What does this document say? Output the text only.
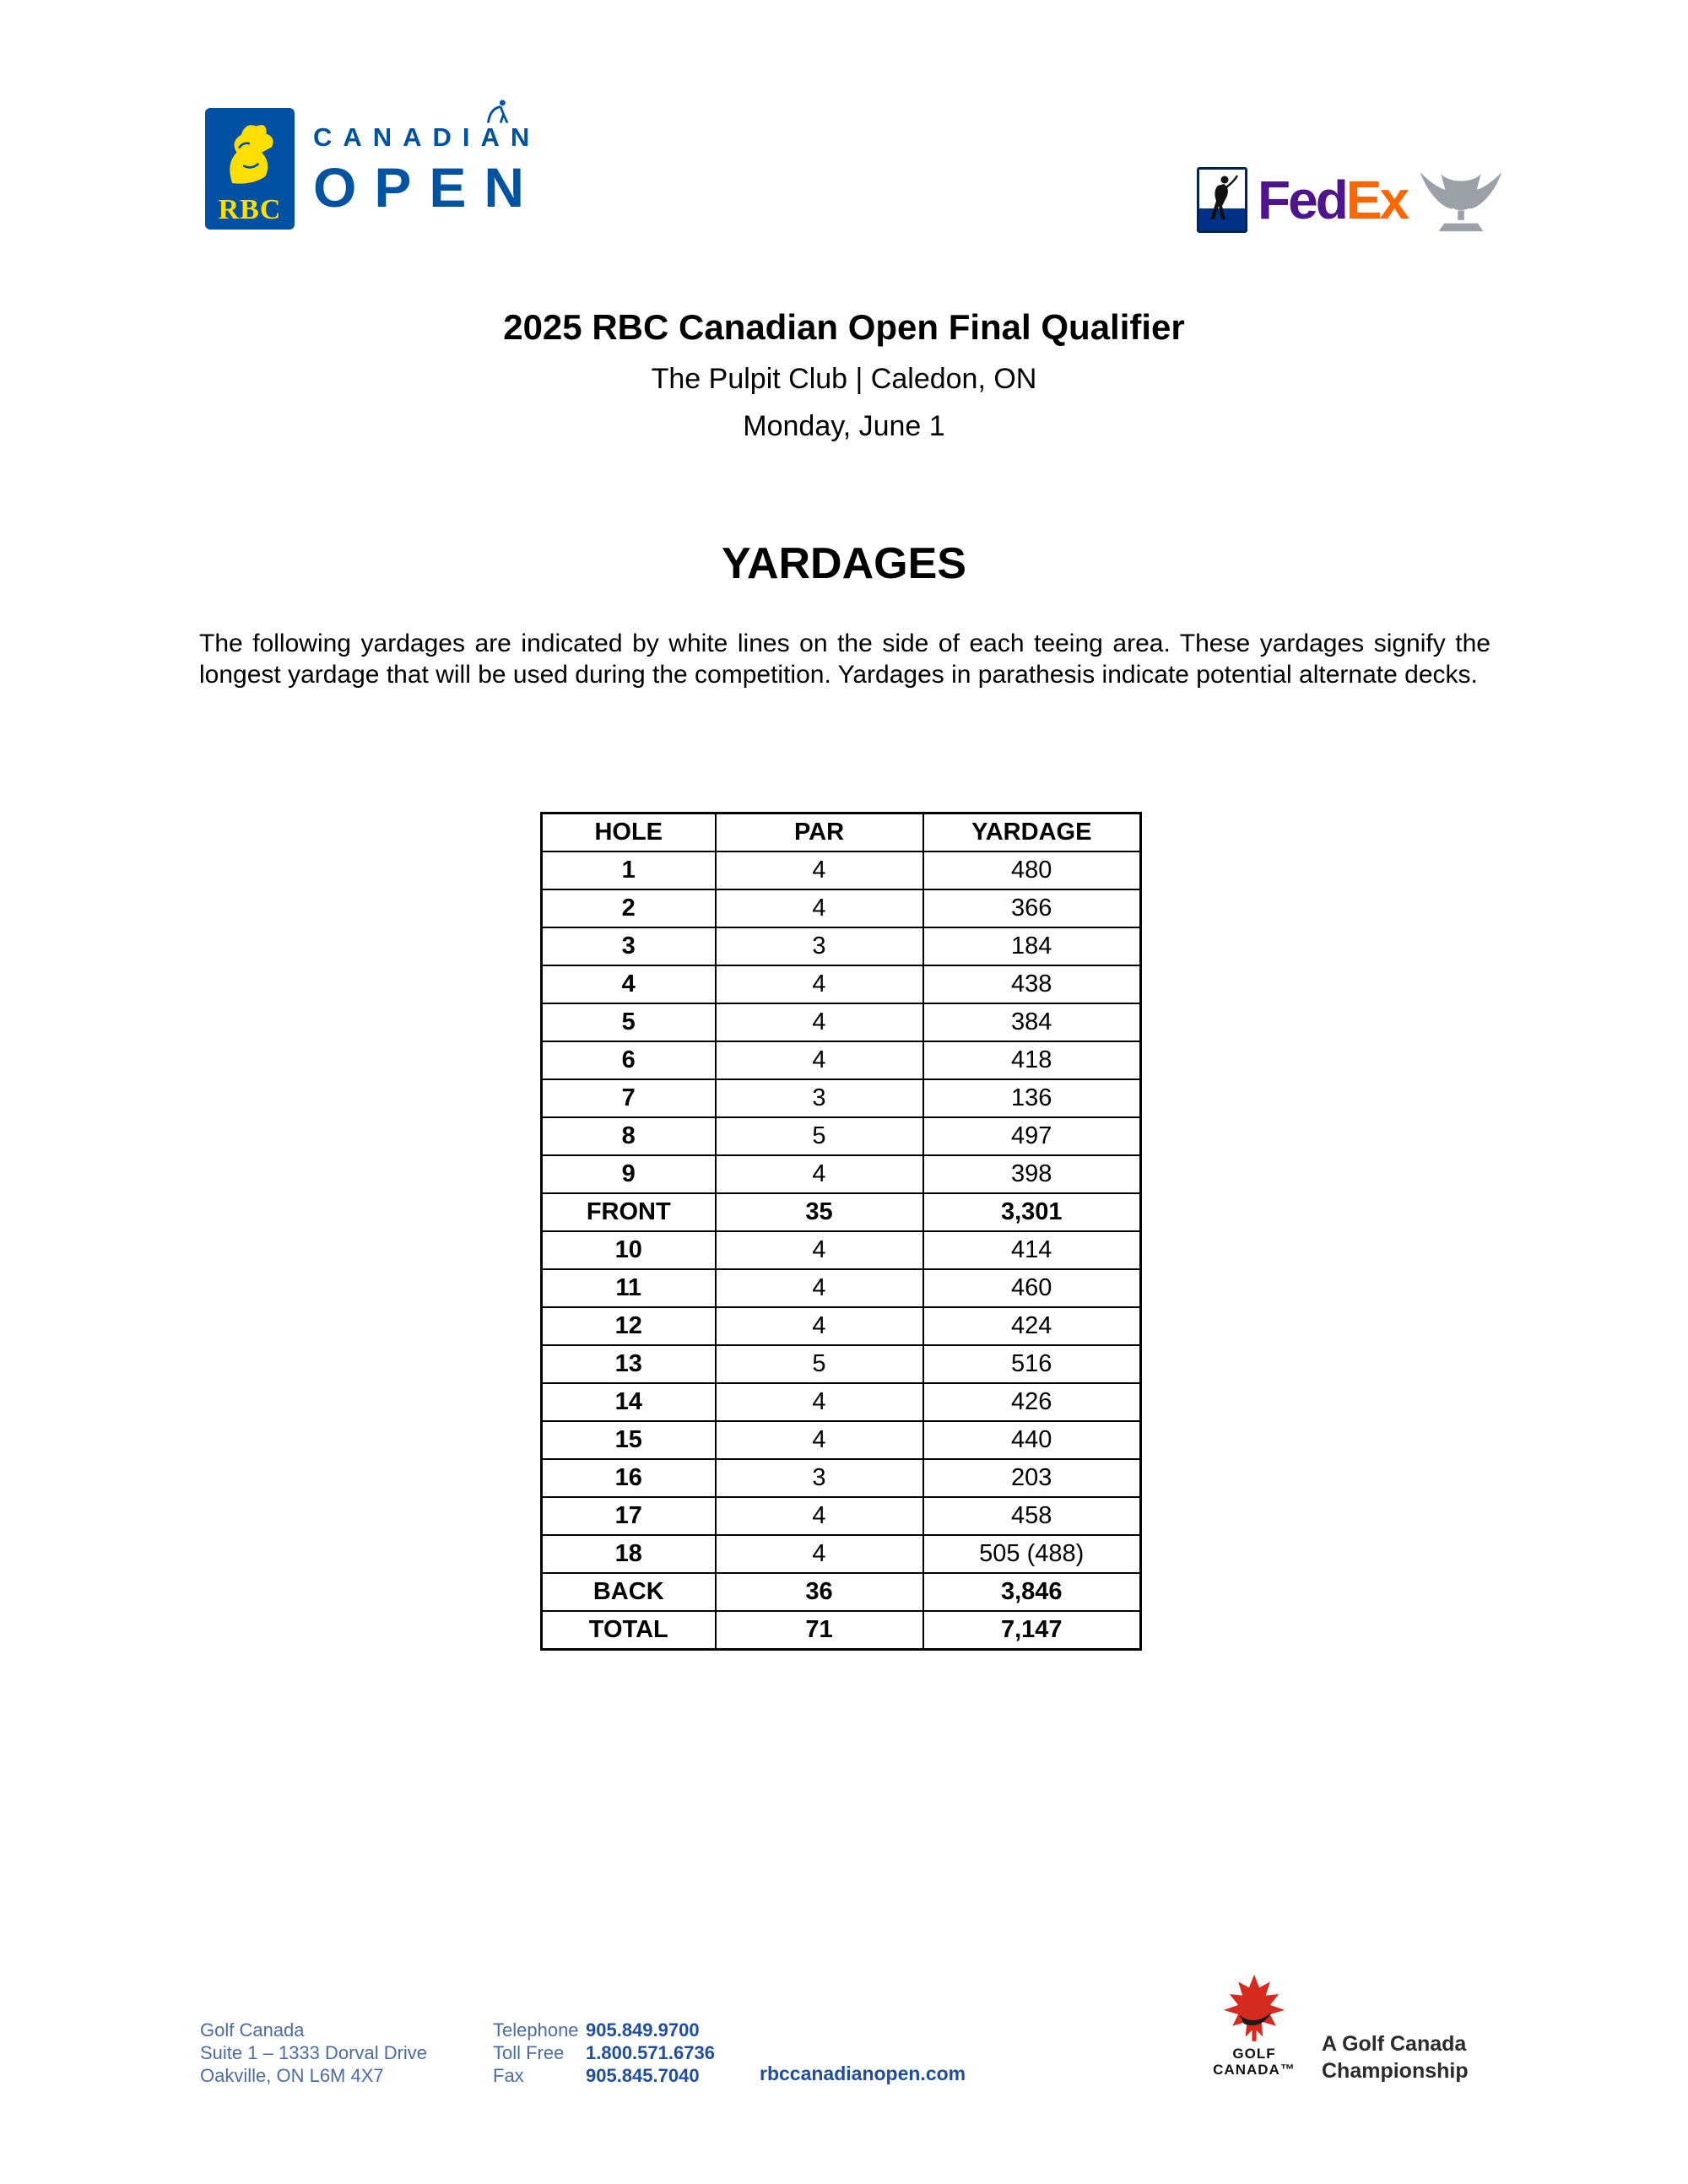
RBC
CANADIAN
OPEN	FedEx
2025 RBC Canadian Open Final Qualifier
The Pulpit Club | Caledon, ON
Monday, June 1
YARDAGES
The following yardages are indicated by white lines on the side of each teeing area. These yardages signify the longest yardage that will be used during the competition. Yardages in parathesis indicate potential alternate decks.
HOLE	PAR	YARDAGE
1	4	480
2	4	366
3	3	184
4	4	438
5	4	384
6	4	418
7	3	136
8	5	497
9	4	398
FRONT	35	3,301
10	4	414
11	4	460
12	4	424
13	5	516
14	4	426
15	4	440
16	3	203
17	4	458
18	4	505 (488)
BACK	36	3,846
TOTAL	71	7,147
Golf Canada
Suite 1 – 1333 Dorval Drive
Oakville, ON L6M 4X7
Telephone 905.849.9700
Toll Free	1.800.571.6736
Fax	905.845.7040	rbccanadianopen.com
GOLF
CANADA™
A Golf Canada
Championship
